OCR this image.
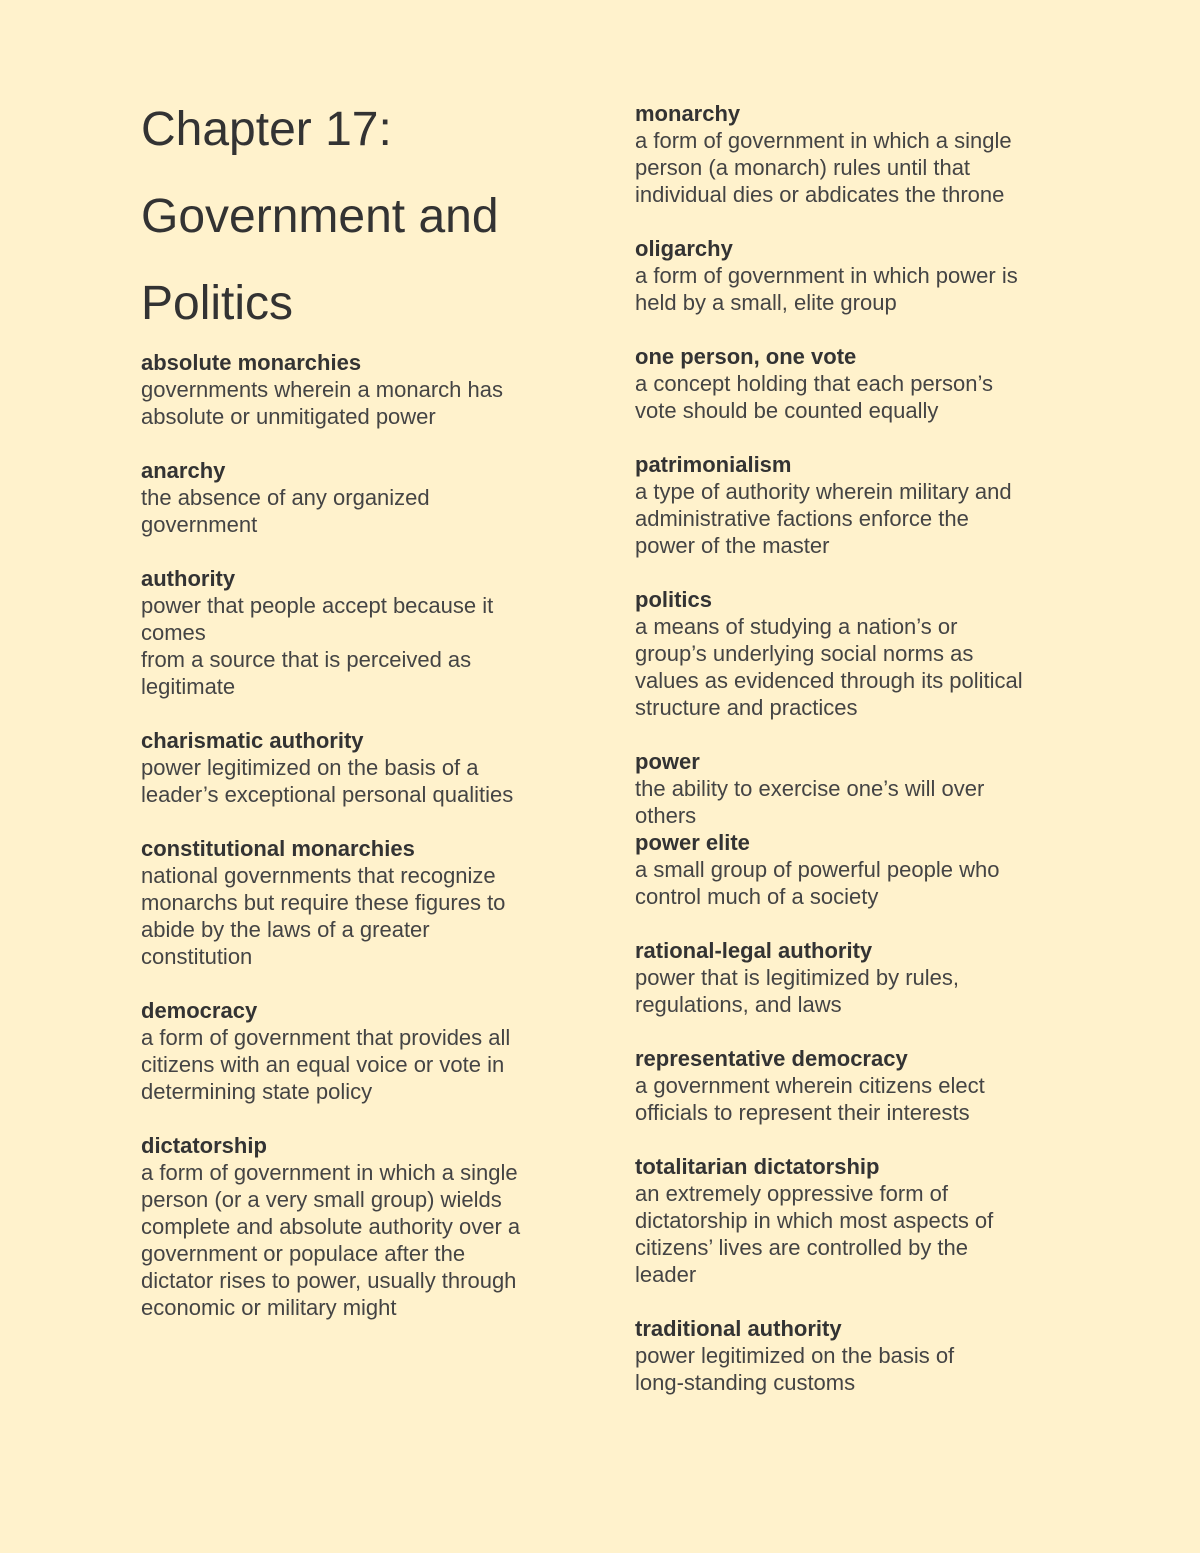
Chapter 17:
Government and
Politics
absolute monarchies
governments wherein a monarch has
absolute or unmitigated power
anarchy
the absence of any organized
government
authority
power that people accept because it
comes
from a source that is perceived as
legitimate
charismatic authority
power legitimized on the basis of a
leader’s exceptional personal qualities
constitutional monarchies
national governments that recognize
monarchs but require these figures to
abide by the laws of a greater
constitution
democracy
a form of government that provides all
citizens with an equal voice or vote in
determining state policy
dictatorship
a form of government in which a single
person (or a very small group) wields
complete and absolute authority over a
government or populace after the
dictator rises to power, usually through
economic or military might
monarchy
a form of government in which a single
person (a monarch) rules until that
individual dies or abdicates the throne
oligarchy
a form of government in which power is
held by a small, elite group
one person, one vote
a concept holding that each person’s
vote should be counted equally
patrimonialism
a type of authority wherein military and
administrative factions enforce the
power of the master
politics
a means of studying a nation’s or
group’s underlying social norms as
values as evidenced through its political
structure and practices
power
the ability to exercise one’s will over
others
power elite
a small group of powerful people who
control much of a society
rational-legal authority
power that is legitimized by rules,
regulations, and laws
representative democracy
a government wherein citizens elect
officials to represent their interests
totalitarian dictatorship
an extremely oppressive form of
dictatorship in which most aspects of
citizens’ lives are controlled by the
leader
traditional authority
power legitimized on the basis of
long-standing customs
